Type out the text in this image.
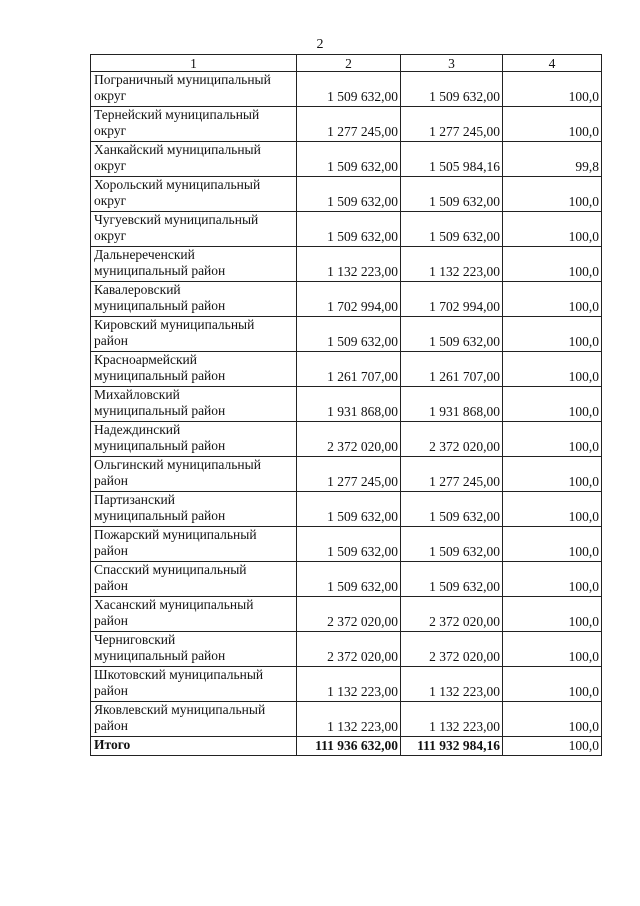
2
1	2	3	4

Пограничный муниципальный
округ	1 509 632,00	1 509 632,00	100,0

Тернейский муниципальный
округ	1 277 245,00	1 277 245,00	100,0

Ханкайский муниципальный
округ	1 509 632,00	1 505 984,16	99,8

Хорольский муниципальный
округ	1 509 632,00	1 509 632,00	100,0

Чугуевский муниципальный
округ	1 509 632,00	1 509 632,00	100,0

Дальнереченский
муниципальный район	1 132 223,00	1 132 223,00	100,0

Кавалеровский
муниципальный район	1 702 994,00	1 702 994,00	100,0

Кировский муниципальный
район	1 509 632,00	1 509 632,00	100,0

Красноармейский
муниципальный район	1 261 707,00	1 261 707,00	100,0

Михайловский
муниципальный район	1 931 868,00	1 931 868,00	100,0

Надеждинский
муниципальный район	2 372 020,00	2 372 020,00	100,0

Ольгинский муниципальный
район	1 277 245,00	1 277 245,00	100,0

Партизанский
муниципальный район	1 509 632,00	1 509 632,00	100,0

Пожарский муниципальный
район	1 509 632,00	1 509 632,00	100,0

Спасский муниципальный
район	1 509 632,00	1 509 632,00	100,0

Хасанский муниципальный
район	2 372 020,00	2 372 020,00	100,0

Черниговский
муниципальный район	2 372 020,00	2 372 020,00	100,0

Шкотовский муниципальный
район	1 132 223,00	1 132 223,00	100,0

Яковлевский муниципальный
район	1 132 223,00	1 132 223,00	100,0
Итого	111 936 632,00	111 932 984,16	100,0
